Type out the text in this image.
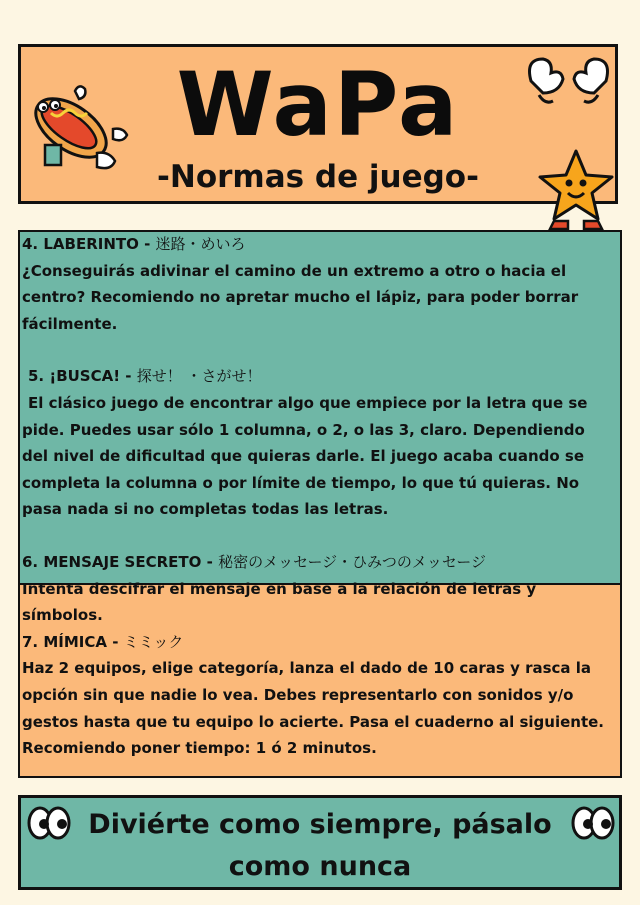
WaPa
-Normas de juego-

4. LABERINTO - 迷路・めいろ

¿Conseguirás adivinar el camino de un extremo a otro o hacia el centro? Recomiendo no apretar mucho el lápiz, para poder borrar fácilmente.

5. ¡BUSCA! - 探せ！ ・さがせ！

El clásico juego de encontrar algo que empiece por la letra que se pide. Puedes usar sólo 1 columna, o 2, o las 3, claro. Dependiendo del nivel de dificultad que quieras darle. El juego acaba cuando se completa la columna o por límite de tiempo, lo que tú quieras. No pasa nada si no completas todas las letras.

6. MENSAJE SECRETO - 秘密のメッセージ・ひみつのメッセージ

Intenta descifrar el mensaje en base a la relación de letras y símbolos.

7. MÍMICA - ミミック

Haz 2 equipos, elige categoría, lanza el dado de 10 caras y rasca la opción sin que nadie lo vea. Debes representarlo con sonidos y/o gestos hasta que tu equipo lo acierte. Pasa el cuaderno al siguiente. Recomiendo poner tiempo: 1 ó 2 minutos.

Diviérte como siempre, pásalo
como nunca
